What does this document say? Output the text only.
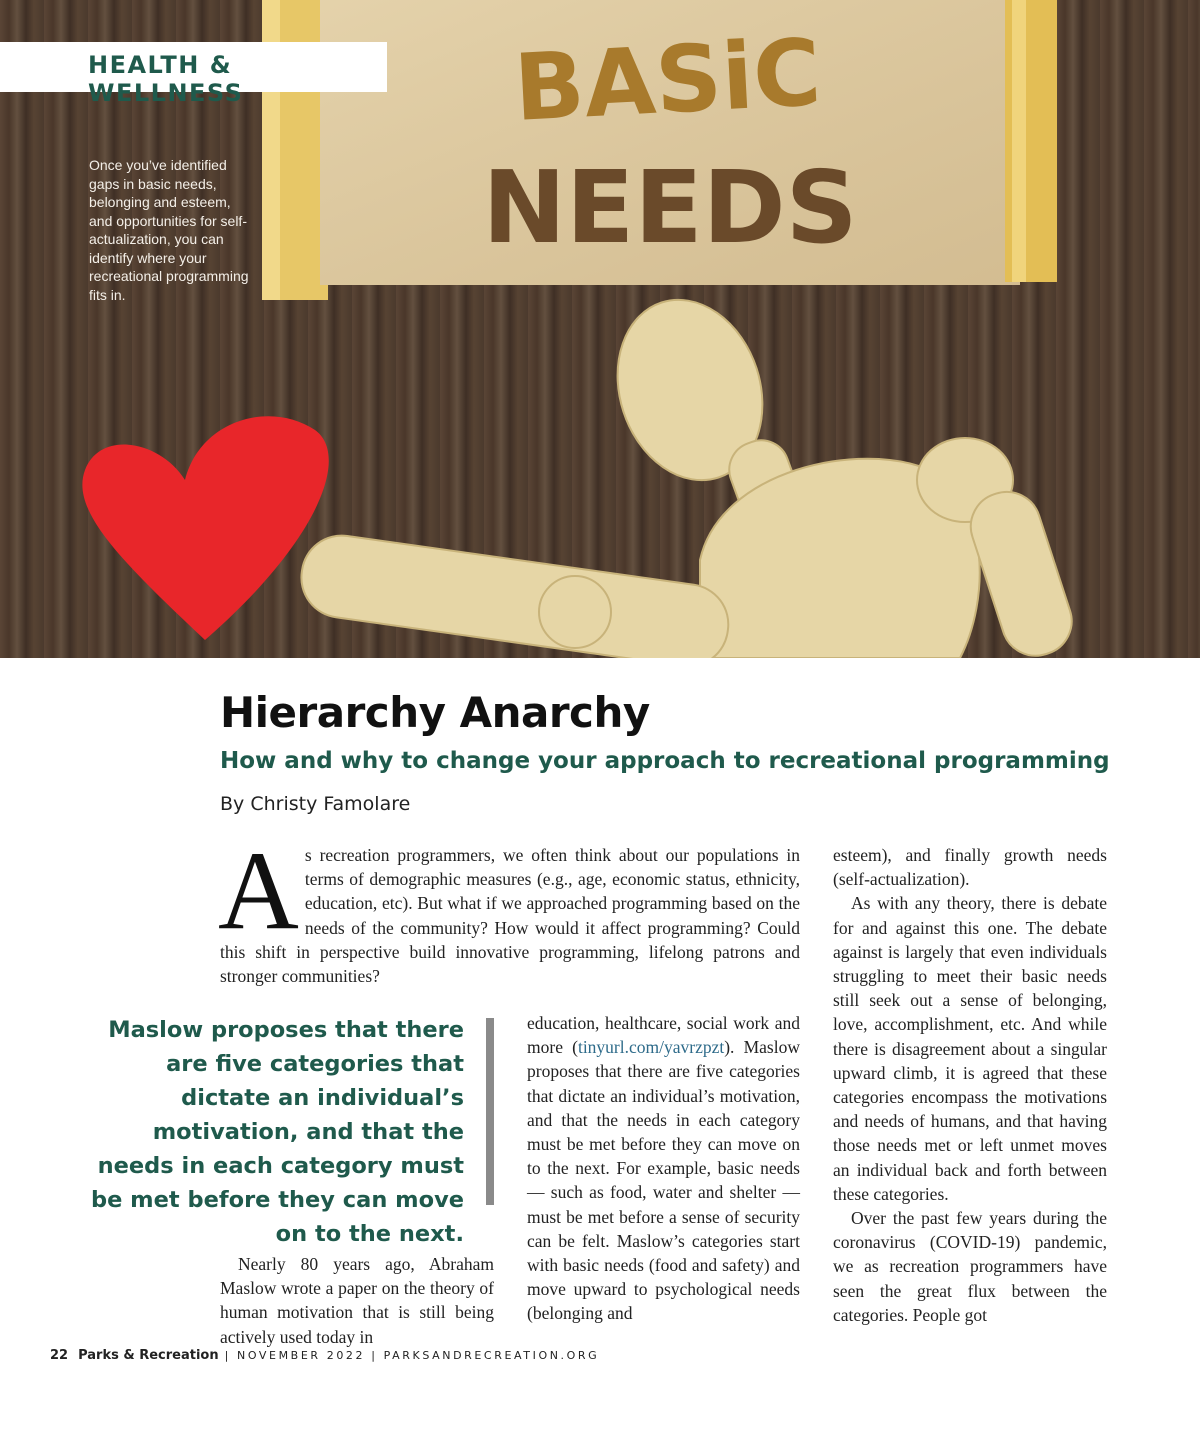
BASiC
NEEDS
HEALTH & WELLNESS
Once you’ve identified gaps in basic needs, belonging and esteem, and opportunities for self-actualization, you can identify where your recreational programming fits in.
Hierarchy Anarchy
How and why to change your approach to recreational programming
By Christy Famolare

As recreation programmers, we often think about our populations in terms of demographic measures (e.g., age, economic status, ethnicity, education, etc). But what if we approached programming based on the needs of the community? How would it affect programming? Could this shift in perspective build innovative programming, lifelong patrons and stronger communities?

Maslow proposes that there are five categories that dictate an individual’s motivation, and that the needs in each category must be met before they can move on to the next.

Nearly 80 years ago, Abraham Maslow wrote a paper on the theory of human motivation that is still being actively used today in

education, healthcare, social work and more (tinyurl.com/yavrzpzt). Maslow proposes that there are five categories that dictate an individual’s motivation, and that the needs in each category must be met before they can move on to the next. For example, basic needs — such as food, water and shelter — must be met before a sense of security can be felt. Maslow’s categories start with basic needs (food and safety) and move upward to psychological needs (belonging and

esteem), and finally growth needs (self-actualization).

As with any theory, there is debate for and against this one. The debate against is largely that even individuals struggling to meet their basic needs still seek out a sense of belonging, love, accomplishment, etc. And while there is disagreement about a singular upward climb, it is agreed that these categories encompass the motivations and needs of humans, and that having those needs met or left unmet moves an individual back and forth between these categories.

Over the past few years during the coronavirus (COVID-19) pandemic, we as recreation programmers have seen the great flux between the categories. People got

22 Parks & Recreation | NOVEMBER 2022 | PARKSANDRECREATION.ORG
